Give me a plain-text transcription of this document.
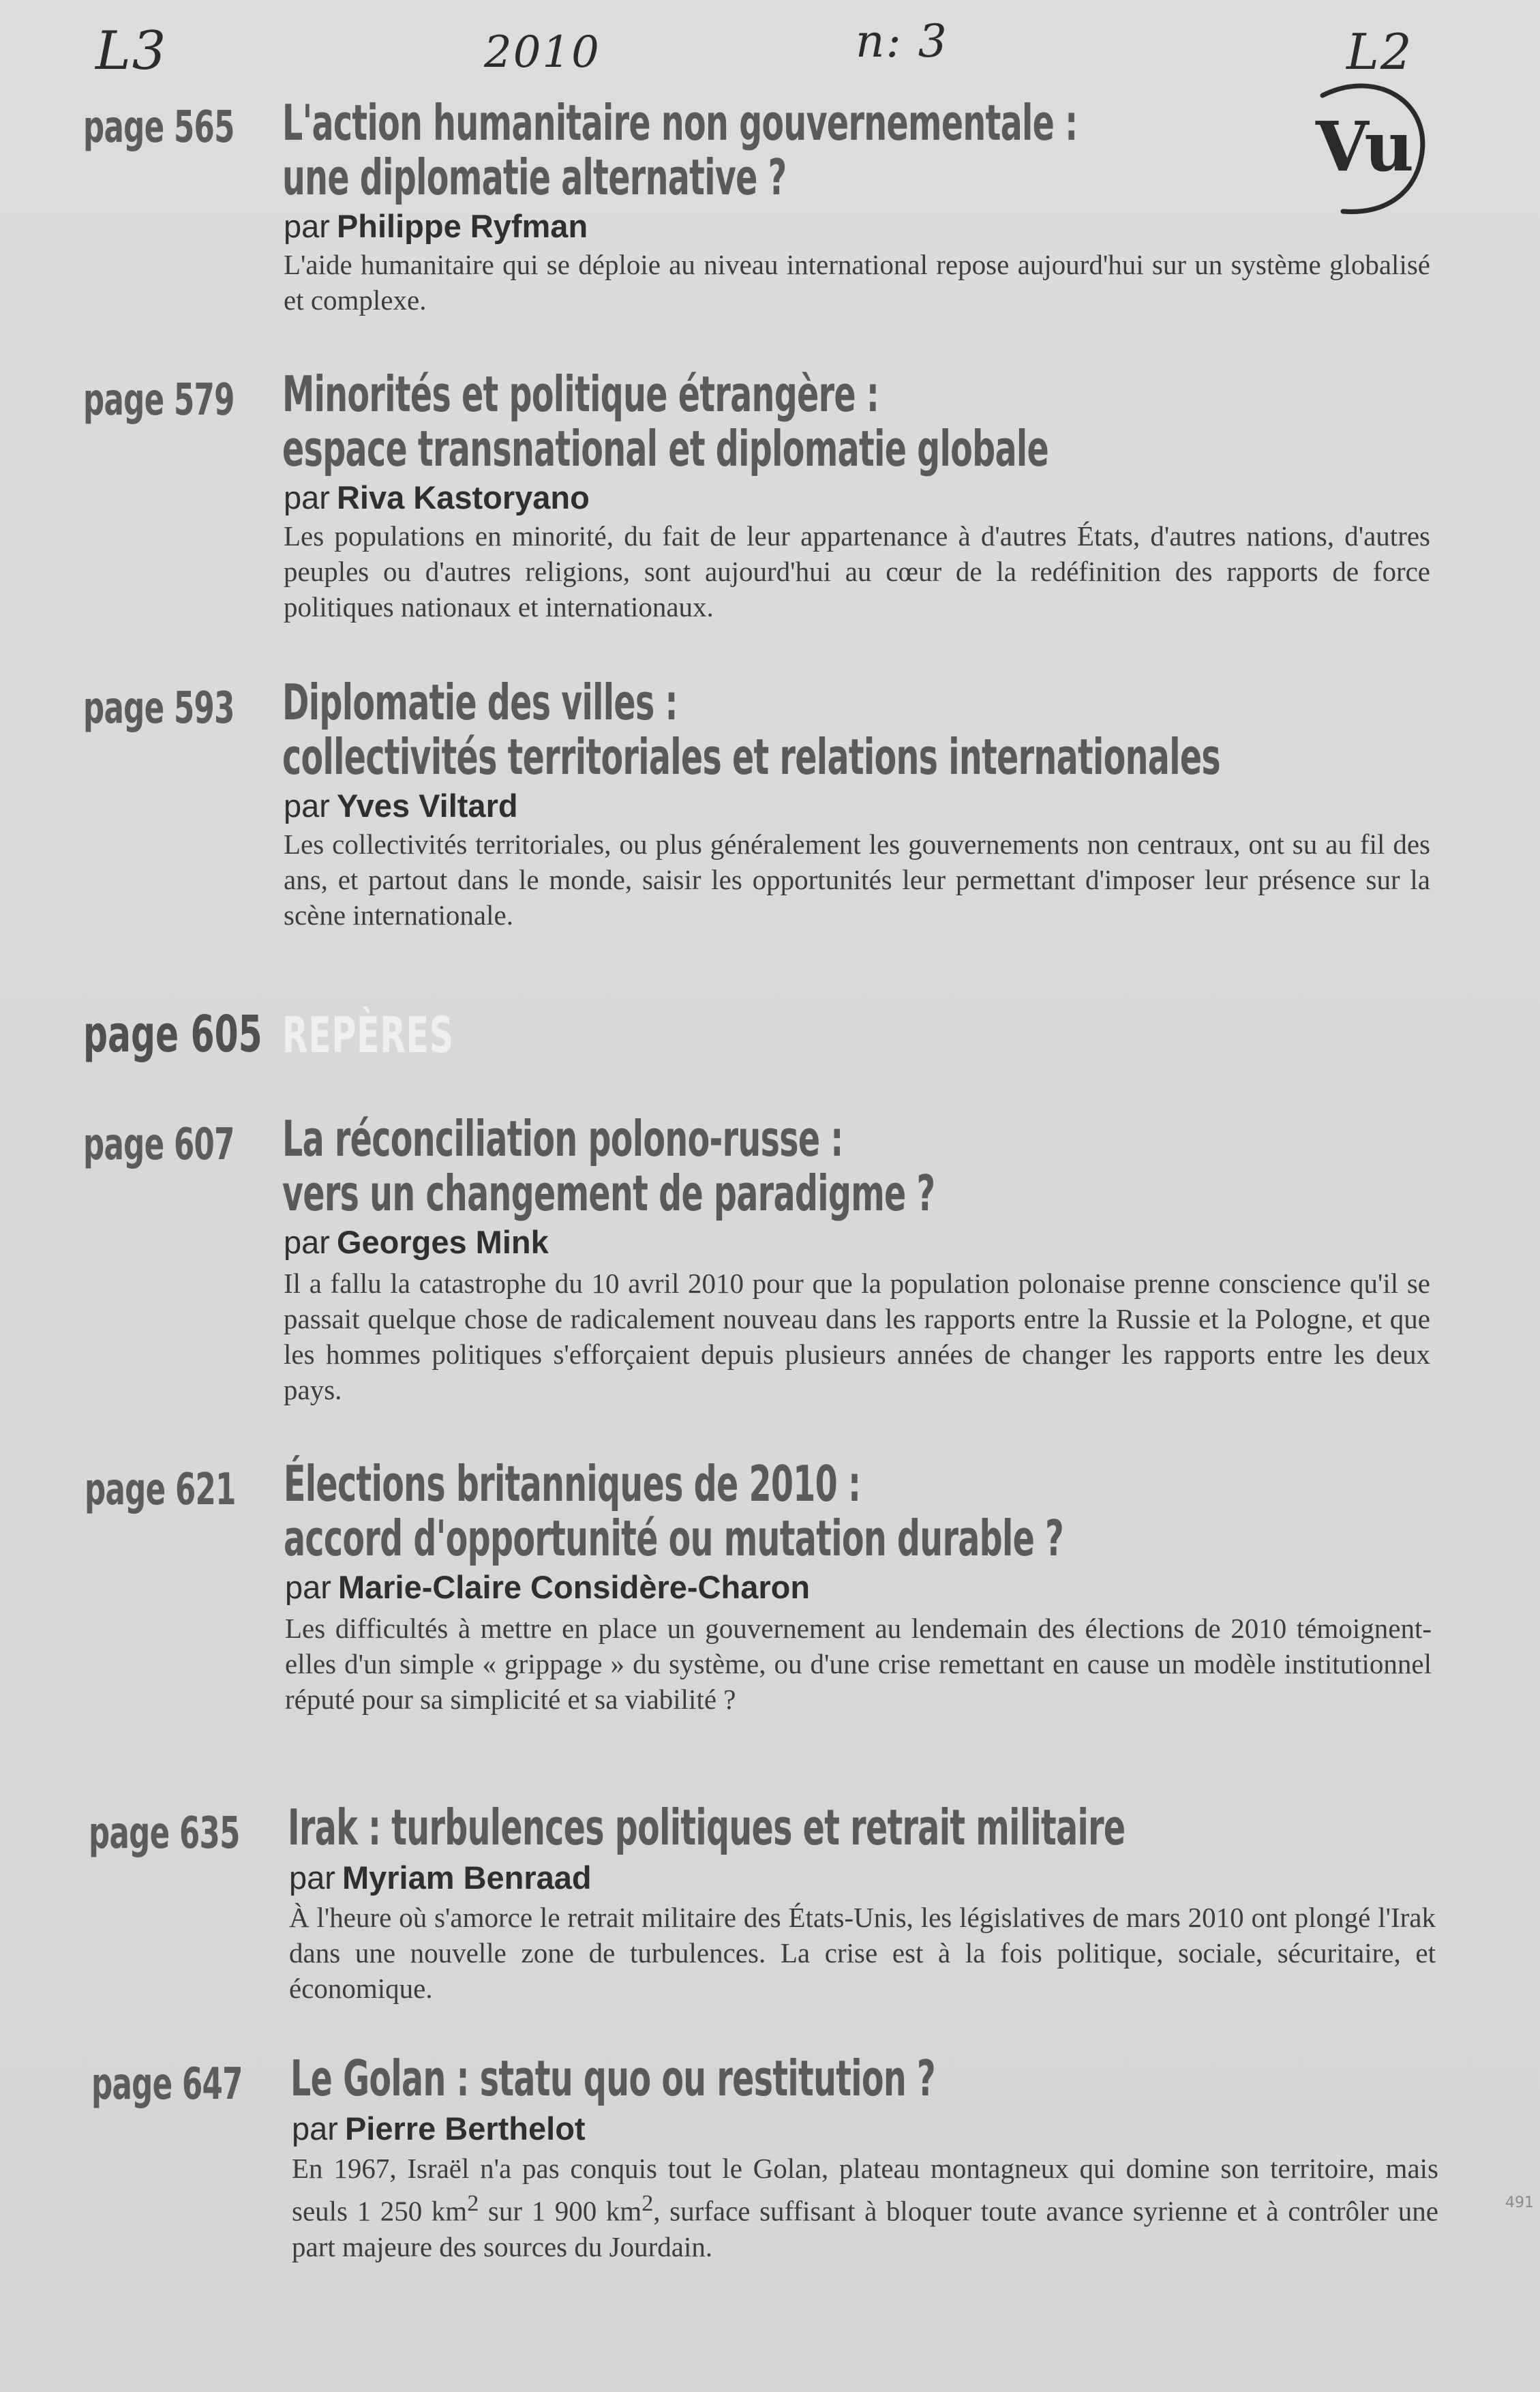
L3	2010	n: 3	L2
Vu
page 565 L'action humanitaire non gouvernementale :
une diplomatie alternative ?
par Philippe Ryfman
L'aide humanitaire qui se déploie au niveau international repose aujourd'hui sur un système globalisé et complexe.
page 579 Minorités et politique étrangère :
espace transnational et diplomatie globale
par Riva Kastoryano
Les populations en minorité, du fait de leur appartenance à d'autres États, d'autres nations, d'autres peuples ou d'autres religions, sont aujourd'hui au cœur de la redéfinition des rapports de force politiques nationaux et internationaux.
page 593 Diplomatie des villes :
collectivités territoriales et relations internationales
par Yves Viltard
Les collectivités territoriales, ou plus généralement les gouvernements non centraux, ont su au fil des ans, et partout dans le monde, saisir les opportunités leur permettant d'imposer leur présence sur la scène internationale.
page 605 REPÈRES
page 607 La réconciliation polono-russe :
vers un changement de paradigme ?
par Georges Mink
Il a fallu la catastrophe du 10 avril 2010 pour que la population polonaise prenne conscience qu'il se passait quelque chose de radicalement nouveau dans les rapports entre la Russie et la Pologne, et que les hommes politiques s'efforçaient depuis plusieurs années de changer les rapports entre les deux pays.
page 621 Élections britanniques de 2010 :
accord d'opportunité ou mutation durable ?
par Marie-Claire Considère-Charon
Les difficultés à mettre en place un gouvernement au lendemain des élections de 2010 témoignent-elles d'un simple « grippage » du système, ou d'une crise remettant en cause un modèle institutionnel réputé pour sa simplicité et sa viabilité ?
page 635 Irak : turbulences politiques et retrait militaire
par Myriam Benraad
À l'heure où s'amorce le retrait militaire des États-Unis, les législatives de mars 2010 ont plongé l'Irak dans une nouvelle zone de turbulences. La crise est à la fois politique, sociale, sécuritaire, et économique.
page 647 Le Golan : statu quo ou restitution ?
par Pierre Berthelot
En 1967, Israël n'a pas conquis tout le Golan, plateau montagneux qui domine son territoire, mais seuls 1 250 $km^2$ sur 1 900 $km^2$, surface suffisant à bloquer toute avance syrienne et à contrôler une part majeure des sources du Jourdain.
491
